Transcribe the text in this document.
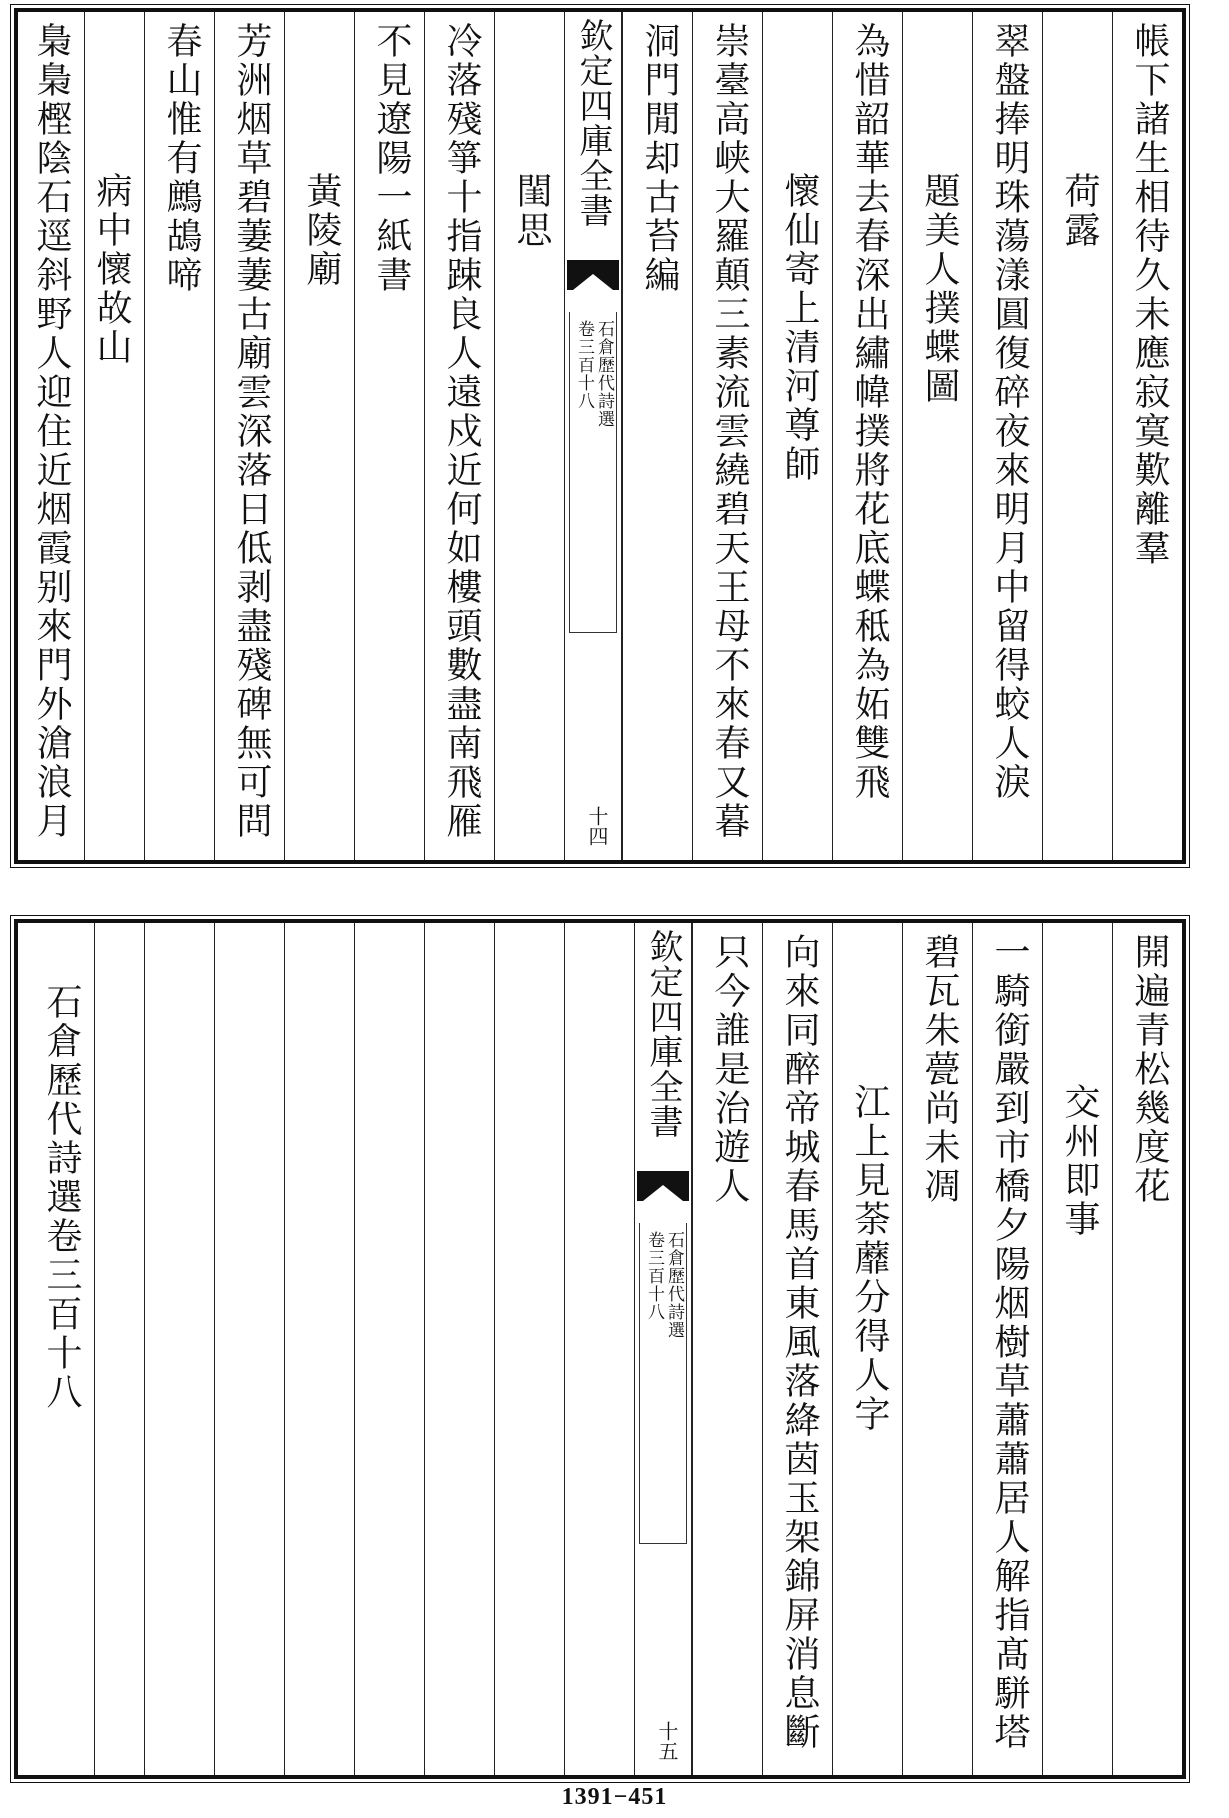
帳下諸生相待久未應寂寞歎離羣
荷露
翠盤捧明珠蕩漾圓復碎夜來明月中留得蛟人淚
題美人撲蝶圖
為惜韶華去春深出繡幃撲將花底蝶秪為妬雙飛
懷仙寄上清河尊師
崇臺高峡大羅顛三素流雲繞碧天王母不來春又暮
洞門閒却古苔編
欽定四庫全書
石倉歷代詩選
卷三百十八
十四
閨思
冷落殘箏十指踈良人遠戍近何如樓頭數盡南飛雁
不見遼陽一紙書
黃陵廟
芳洲烟草碧萋萋古廟雲深落日低剥盡殘碑無可問
春山惟有鷓鴣啼
病中懷故山
梟梟樫陰石逕斜野人迎住近烟霞别來門外滄浪月
開遍青松幾度花
交州即事
一騎銜嚴到市橋夕陽烟樹草蕭蕭居人解指髙駢塔
碧瓦朱甍尚未凋
江上見荼蘼分得人字
向來同醉帝城春馬首東風落絳茵玉架錦屏消息斷
只今誰是治遊人
欽定四庫全書
石倉歷代詩選
卷三百十八
十五
石倉歷代詩選卷三百十八
1391−451
